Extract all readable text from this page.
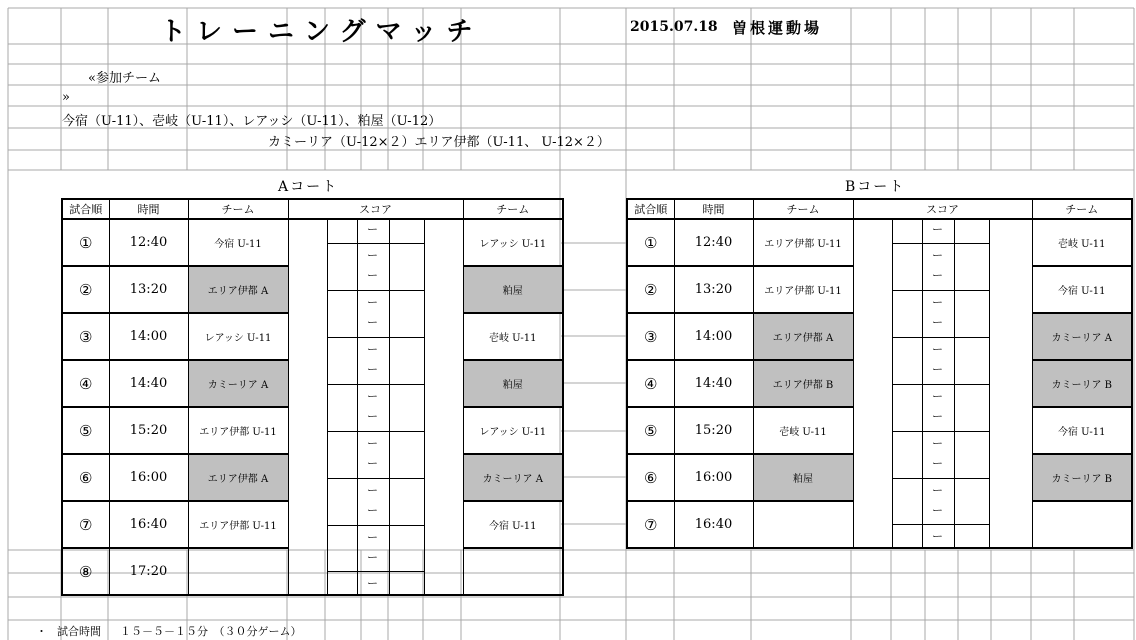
トレーニングマッチ	2015.07.18 曽根運動場
«参加チーム
»
今宿（U-11）、壱岐（U-11）、レアッシ（U-11）、粕屋（U-12）
カミーリア（U-12×２）エリア伊都（U-11、 U-12×２）
Aコート	Bコート
試合順	時間	チーム	スコア	チーム
①	12:40	今宿 U-11	ー
ー	レアッシ U-11
②	13:20	エリア伊都 A	ー
ー	粕屋
③	14:00	レアッシ U-11	ー
ー	壱岐 U-11
④	14:40	カミーリア A	ー
ー	粕屋
⑤	15:20	エリア伊都 U-11	ー
ー	レアッシ U-11
⑥	16:00	エリア伊都 A	ー
ー	カミーリア A
⑦	16:40	エリア伊都 U-11	ー
ー	今宿 U-11
⑧	17:20		ー
ー	

試合順	時間	チーム	スコア	チーム
①	12:40	エリア伊都 U-11	ー
ー	壱岐 U-11
②	13:20	エリア伊都 U-11	ー
ー	今宿 U-11
③	14:00	エリア伊都 A	ー
ー	カミーリア A
④	14:40	エリア伊都 B	ー
ー	カミーリア B
⑤	15:20	壱岐 U-11	ー
ー	今宿 U-11
⑥	16:00	粕屋	ー
ー	カミーリア B
⑦	16:40		ー
ー	

・ 試合時間 １５－５－１５分　（３０分ゲーム）
